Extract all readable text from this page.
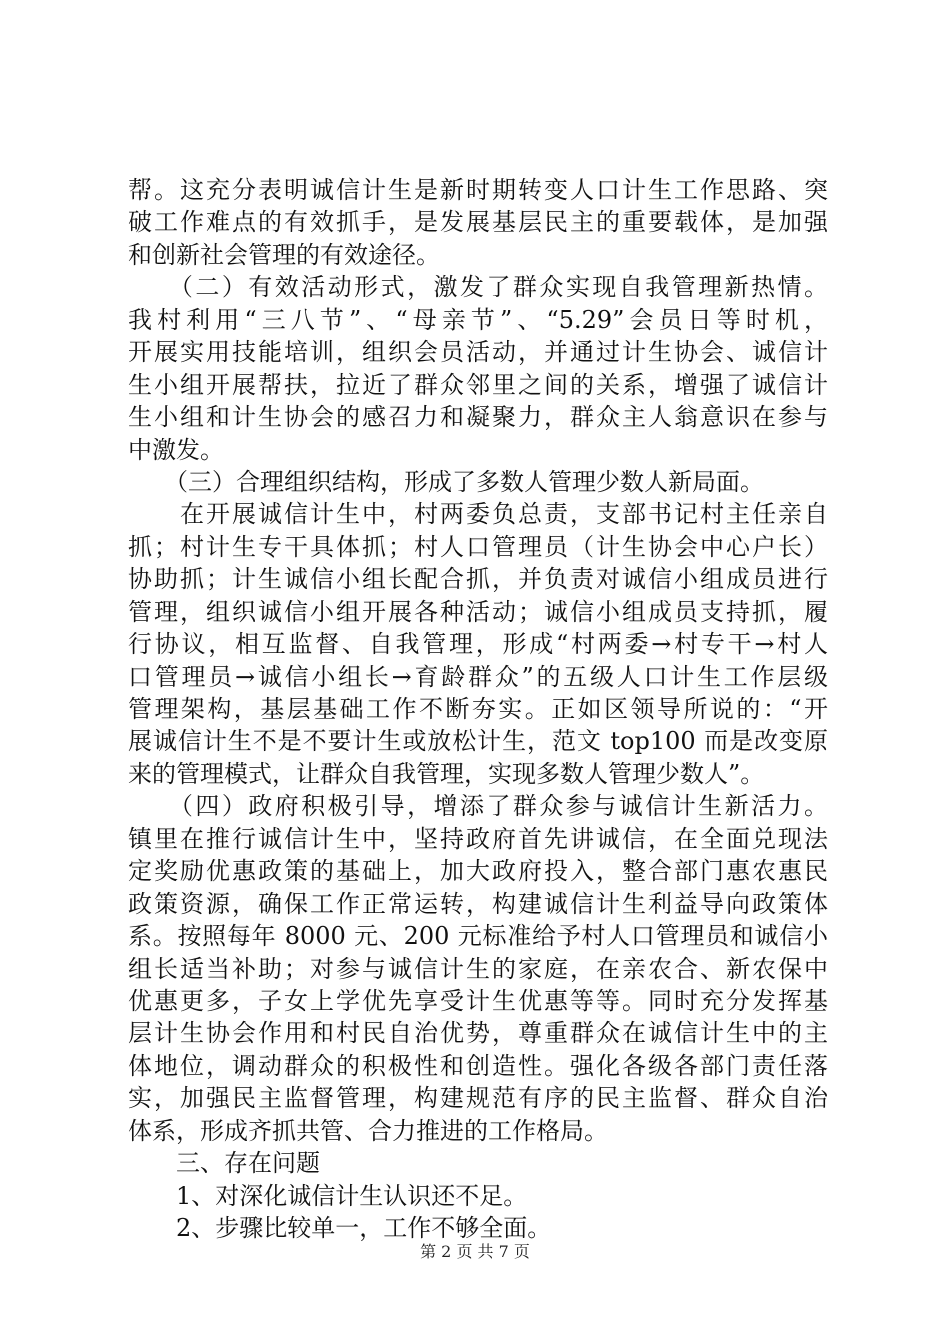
帮。这充分表明诚信计生是新时期转变人口计生工作思路、突
破工作难点的有效抓手，是发展基层民主的重要载体，是加强
和创新社会管理的有效途径。
　　（二）有效活动形式，激发了群众实现自我管理新热情。
我村利用“三八节”、“母亲节”、“5.29”会员日等时机，
开展实用技能培训，组织会员活动，并通过计生协会、诚信计
生小组开展帮扶，拉近了群众邻里之间的关系，增强了诚信计
生小组和计生协会的感召力和凝聚力，群众主人翁意识在参与
中激发。
　　（三）合理组织结构，形成了多数人管理少数人新局面。
　　在开展诚信计生中，村两委负总责，支部书记村主任亲自
抓；村计生专干具体抓；村人口管理员（计生协会中心户长）
协助抓；计生诚信小组长配合抓，并负责对诚信小组成员进行
管理，组织诚信小组开展各种活动；诚信小组成员支持抓，履
行协议，相互监督、自我管理，形成“村两委→村专干→村人
口管理员→诚信小组长→育龄群众”的五级人口计生工作层级
管理架构，基层基础工作不断夯实。正如区领导所说的：“开
展诚信计生不是不要计生或放松计生，范文 top100 而是改变原
来的管理模式，让群众自我管理，实现多数人管理少数人”。
　　（四）政府积极引导，增添了群众参与诚信计生新活力。
镇里在推行诚信计生中，坚持政府首先讲诚信，在全面兑现法
定奖励优惠政策的基础上，加大政府投入，整合部门惠农惠民
政策资源，确保工作正常运转，构建诚信计生利益导向政策体
系。按照每年 8000 元、200 元标准给予村人口管理员和诚信小
组长适当补助；对参与诚信计生的家庭，在亲农合、新农保中
优惠更多，子女上学优先享受计生优惠等等。同时充分发挥基
层计生协会作用和村民自治优势，尊重群众在诚信计生中的主
体地位，调动群众的积极性和创造性。强化各级各部门责任落
实，加强民主监督管理，构建规范有序的民主监督、群众自治
体系，形成齐抓共管、合力推进的工作格局。
　　三、存在问题
　　1、对深化诚信计生认识还不足。
　　2、步骤比较单一，工作不够全面。
第 2 页 共 7 页
